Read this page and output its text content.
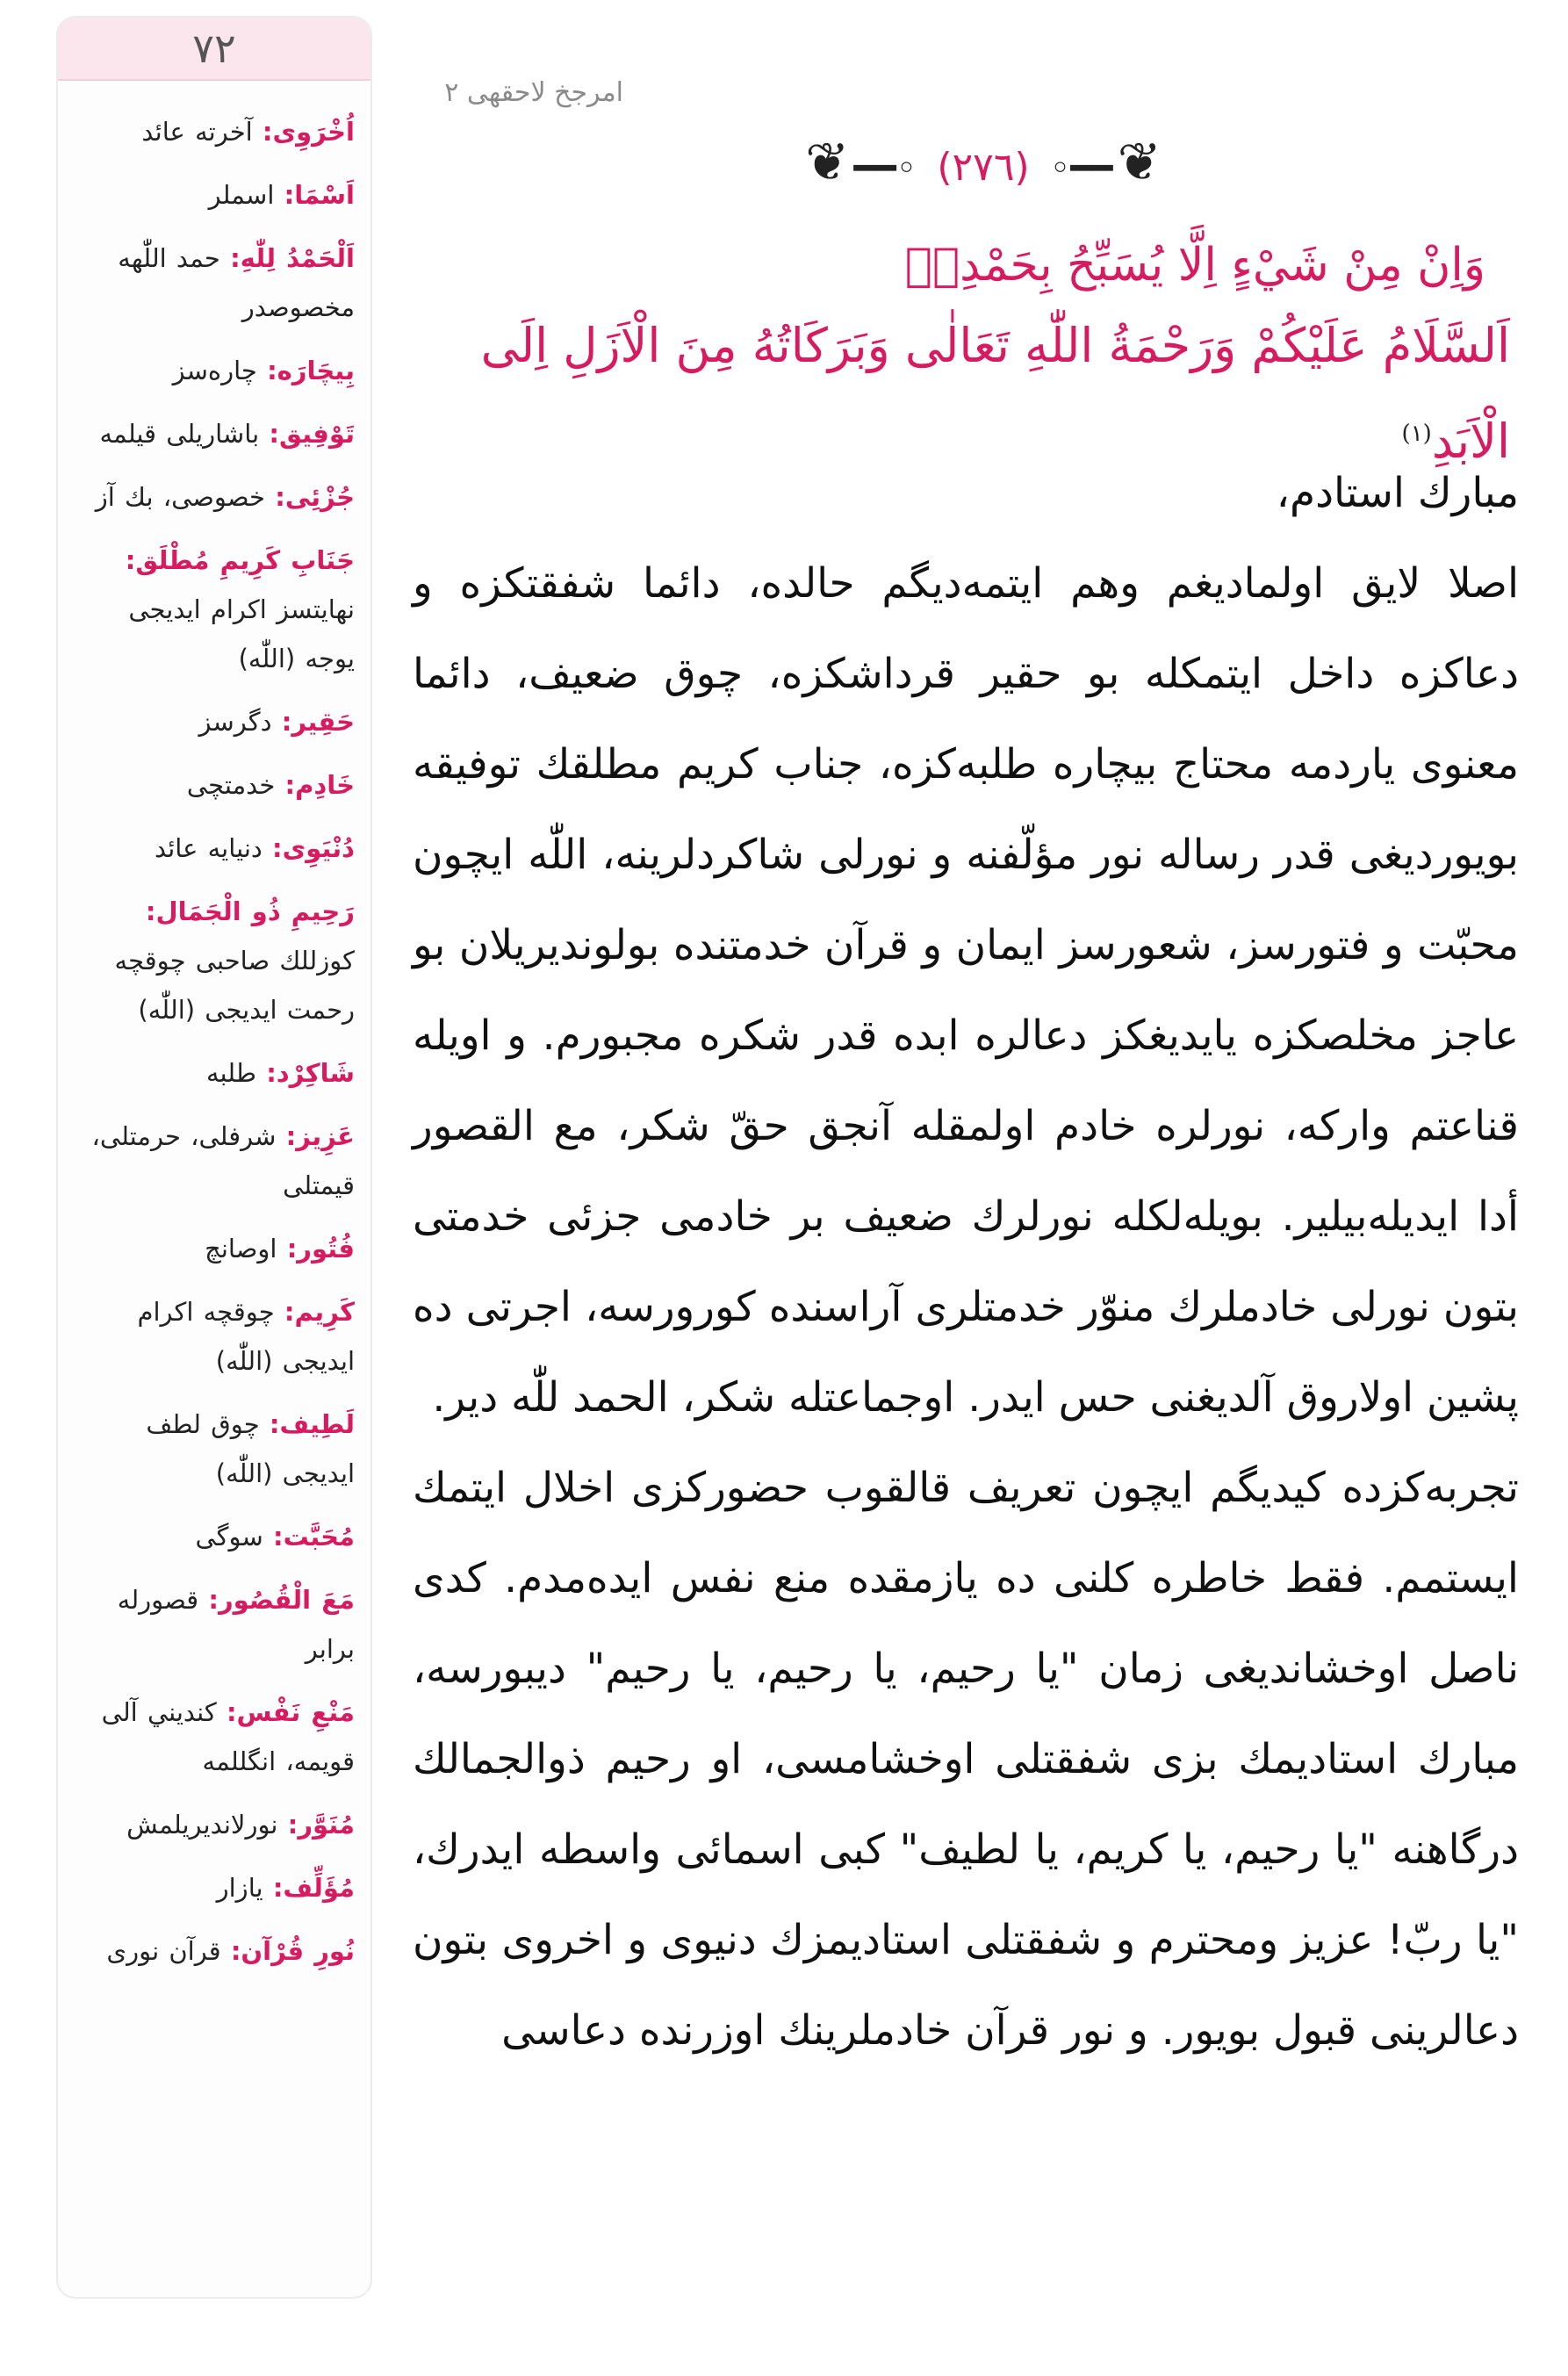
٧٢
اُخْرَوِى: آخرته عائد
اَسْمَا: اسملر
اَلْحَمْدُ لِلّٰهِ: حمد اللّٰهه مخصوصدر
بِيچَارَه: چاره‌سز
تَوْفِيق: باشاريلی قيلمه
جُزْئِى: خصوصی، بك آز
جَنَابِ كَرِيمِ مُطْلَق: نهايتسز اكرام ايدیجی يوجه (اللّٰه)
حَقِير: دگرسز
خَادِم: خدمتچی
دُنْيَوِى: دنيايه عائد
رَحِيمِ ذُو الْجَمَال: كوزللك صاحبی چوقچه رحمت ايدیجی (اللّٰه)
شَاكِرْد: طلبه
عَزِيز: شرفلی، حرمتلی، قيمتلی
فُتُور: اوصانچ
كَرِيم: چوقچه اكرام ايدیجی (اللّٰه)
لَطِيف: چوق لطف ايدیجی (اللّٰه)
مُحَبَّت: سوگی
مَعَ الْقُصُور: قصورله برابر
مَنْعِ نَفْس: كنديني آلی قويمه، انگللمه
مُنَوَّر: نورلانديريلمش
مُؤَلِّف: يازار
نُورِ قُرْآن: قرآن نوری
امرجخ لاحقهی ٢
❦ ━━◦ (٢٧٦) ◦━━ ❦
وَاِنْ مِنْ شَيْءٍ اِلَّا يُسَبِّحُ بِحَمْدِهٖ
اَلسَّلَامُ عَلَيْكُمْ وَرَحْمَةُ اللّٰهِ تَعَالٰى وَبَرَكَاتُهُ مِنَ الْاَزَلِ اِلَى الْاَبَدِ$^{(١)}$

مبارك استادم،

اصلا لايق اولماديغم وهم ايتمه‌ديگم حالده، دائما شفقتكزه و دعاكزه داخل ايتمكله بو حقير قرداشكزه، چوق ضعيف، دائما معنوى ياردمه محتاج بيچاره طلبه‌كزه، جناب كريم مطلقك توفيقه بويورديغی قدر رساله نور مؤلّفنه و نورلی شاكردلرينه، اللّٰه ايچون محبّت و فتورسز، شعورسز ايمان و قرآن خدمتنده بولونديريلان بو عاجز مخلصكزه يايديغكز دعالره ابده قدر شكره مجبورم. و اويله قناعتم واركه، نورلره خادم اولمقله آنجق حقّ شكر، مع القصور أدا ايديله‌بيلير. بويله‌لكله نورلرك ضعيف بر خادمی جزئى خدمتی بتون نورلی خادملرك منوّر خدمتلری آراسنده كورورسه، اجرتی ده پشين اولاروق آلديغنی حس ايدر. اوجماعتله شكر، الحمد للّٰه دير.

تجربه‌كزده كيديگم ايچون تعريف قالقوب حضوركزی اخلال ايتمك ايستمم. فقط خاطره كلنی ده يازمقده منع نفس ايده‌مدم. كدی ناصل اوخشانديغی زمان "يا رحيم، يا رحيم، يا رحيم" ديبورسه، مبارك استاديمك بزی شفقتلی اوخشامسی، او رحيم ذوالجمالك درگاهنه "يا رحيم، يا كريم، يا لطيف" كبی اسمائی واسطه ايدرك، "يا ربّ! عزيز ومحترم و شفقتلی استاديمزك دنيوى و اخروى بتون دعالرينی قبول بويور. و نور قرآن خادملرينك اوزرنده دعاسی
